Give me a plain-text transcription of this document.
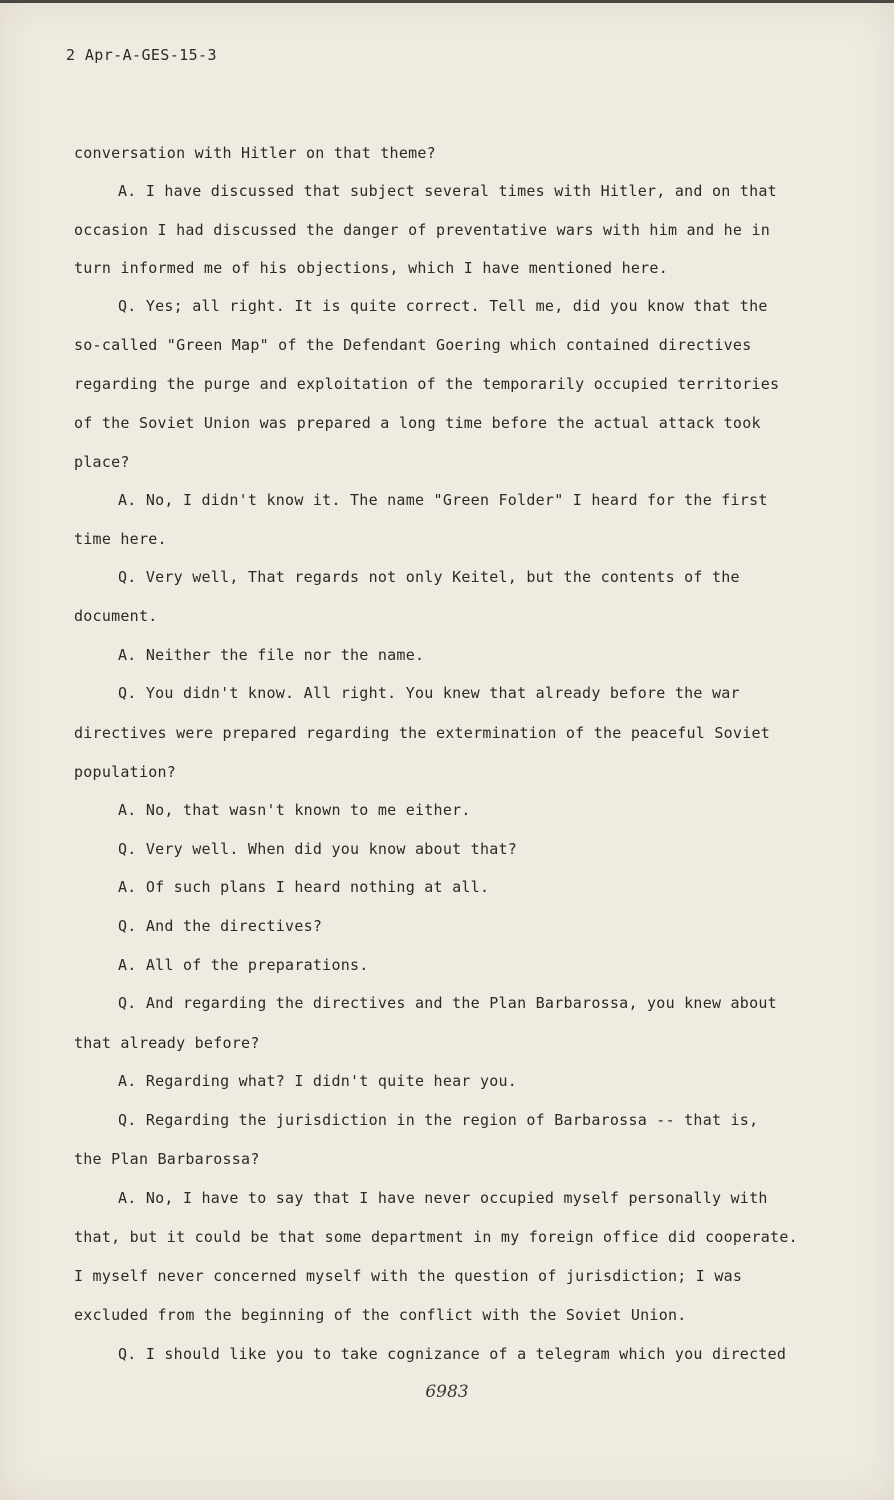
2 Apr-A-GES-15-3
conversation with Hitler on that theme?
A. I have discussed that subject several times with Hitler, and on that
occasion I had discussed the danger of preventative wars with him and he in
turn informed me of his objections, which I have mentioned here.
Q. Yes; all right. It is quite correct. Tell me, did you know that the
so-called "Green Map" of the Defendant Goering which contained directives
regarding the purge and exploitation of the temporarily occupied territories
of the Soviet Union was prepared a long time before the actual attack took
place?
A. No, I didn't know it. The name "Green Folder" I heard for the first
time here.
Q. Very well, That regards not only Keitel, but the contents of the
document.
A. Neither the file nor the name.
Q. You didn't know. All right. You knew that already before the war
directives were prepared regarding the extermination of the peaceful Soviet
population?
A. No, that wasn't known to me either.
Q. Very well. When did you know about that?
A. Of such plans I heard nothing at all.
Q. And the directives?
A. All of the preparations.
Q. And regarding the directives and the Plan Barbarossa, you knew about
that already before?
A. Regarding what? I didn't quite hear you.
Q. Regarding the jurisdiction in the region of Barbarossa -- that is,
the Plan Barbarossa?
A. No, I have to say that I have never occupied myself personally with
that, but it could be that some department in my foreign office did cooperate.
I myself never concerned myself with the question of jurisdiction; I was
excluded from the beginning of the conflict with the Soviet Union.
Q. I should like you to take cognizance of a telegram which you directed
6983
